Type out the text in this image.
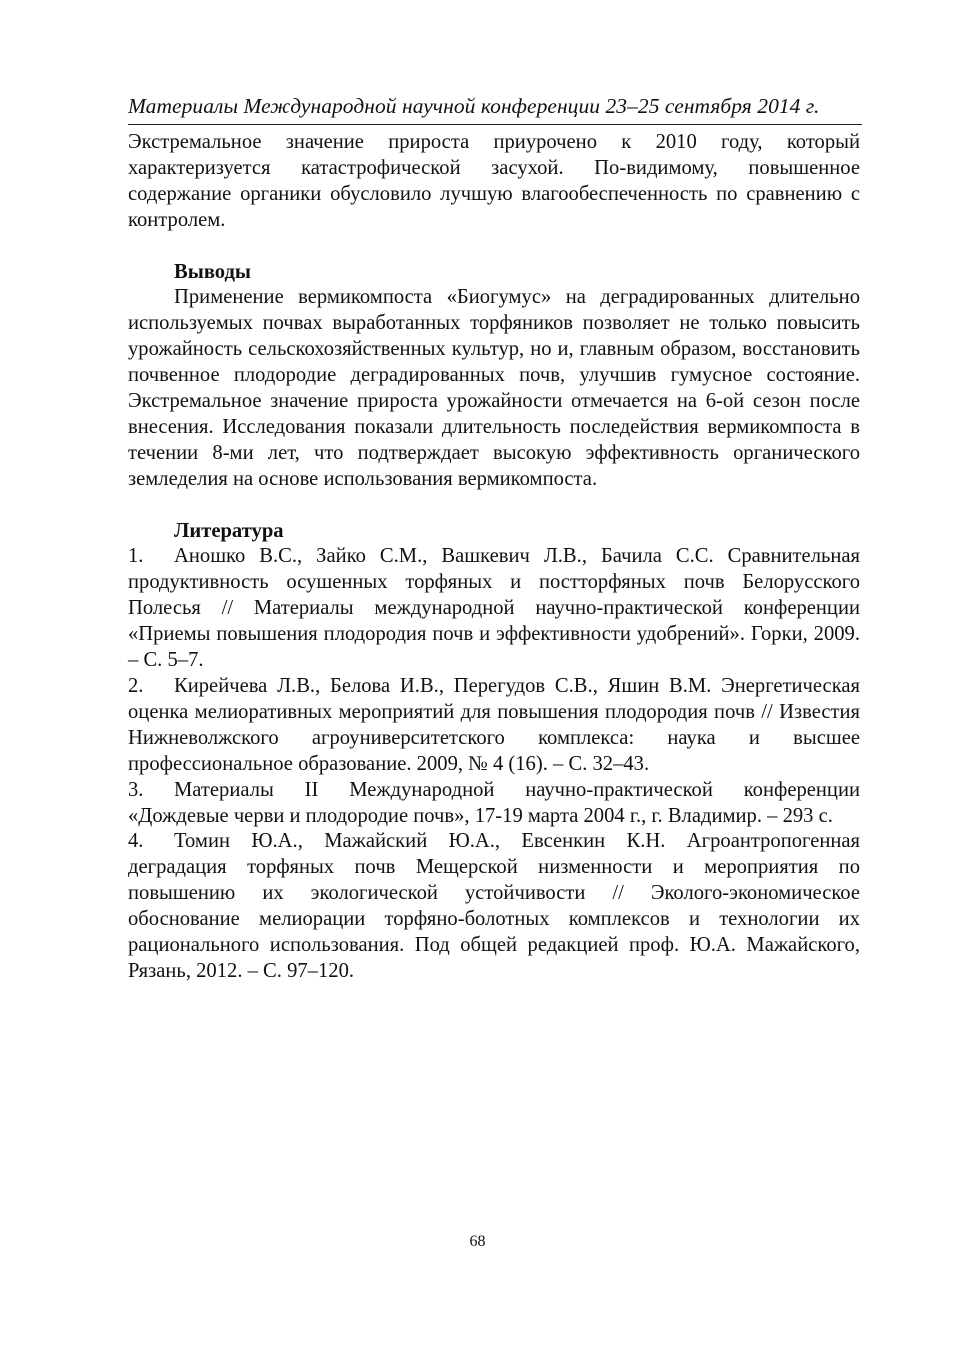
Материалы Международной научной конференции 23–25 сентября 2014 г.

Экстремальное значение прироста приурочено к 2010 году, который характеризуется катастрофической засухой. По-видимому, повышенное содержание органики обусловило лучшую влагообеспеченность по сравнению с контролем.

Выводы

Применение вермикомпоста «Биогумус» на деградированных длительно используемых почвах выработанных торфяников позволяет не только повысить урожайность сельскохозяйственных культур, но и, главным образом, восстановить почвенное плодородие деградированных почв, улучшив гумусное состояние. Экстремальное значение прироста урожайности отмечается на 6-ой сезон после внесения. Исследования показали длительность последействия вермикомпоста в течении 8-ми лет, что подтверждает высокую эффективность органического земледелия на основе использования вермикомпоста.

Литература

1. Аношко В.С., Зайко С.М., Вашкевич Л.В., Бачила С.С. Сравнительная продуктивность осушенных торфяных и постторфяных почв Белорусского Полесья // Материалы международной научно-практической конференции «Приемы повышения плодородия почв и эффективности удобрений». Горки, 2009. – С. 5–7.

2. Кирейчева Л.В., Белова И.В., Перегудов С.В., Яшин В.М. Энергетическая оценка мелиоративных мероприятий для повышения плодородия почв // Известия Нижневолжского агроуниверситетского комплекса: наука и высшее профессиональное образование. 2009, № 4 (16). – С. 32–43.

3. Материалы II Международной научно-практической конференции «Дождевые черви и плодородие почв», 17-19 марта 2004 г., г. Владимир. – 293 с.

4. Томин Ю.А., Мажайский Ю.А., Евсенкин К.Н. Агроантропогенная деградация торфяных почв Мещерской низменности и мероприятия по повышению их экологической устойчивости // Эколого-экономическое обоснование мелиорации торфяно-болотных комплексов и технологии их рационального использования. Под общей редакцией проф. Ю.А. Мажайского, Рязань, 2012. – С. 97–120.

68
